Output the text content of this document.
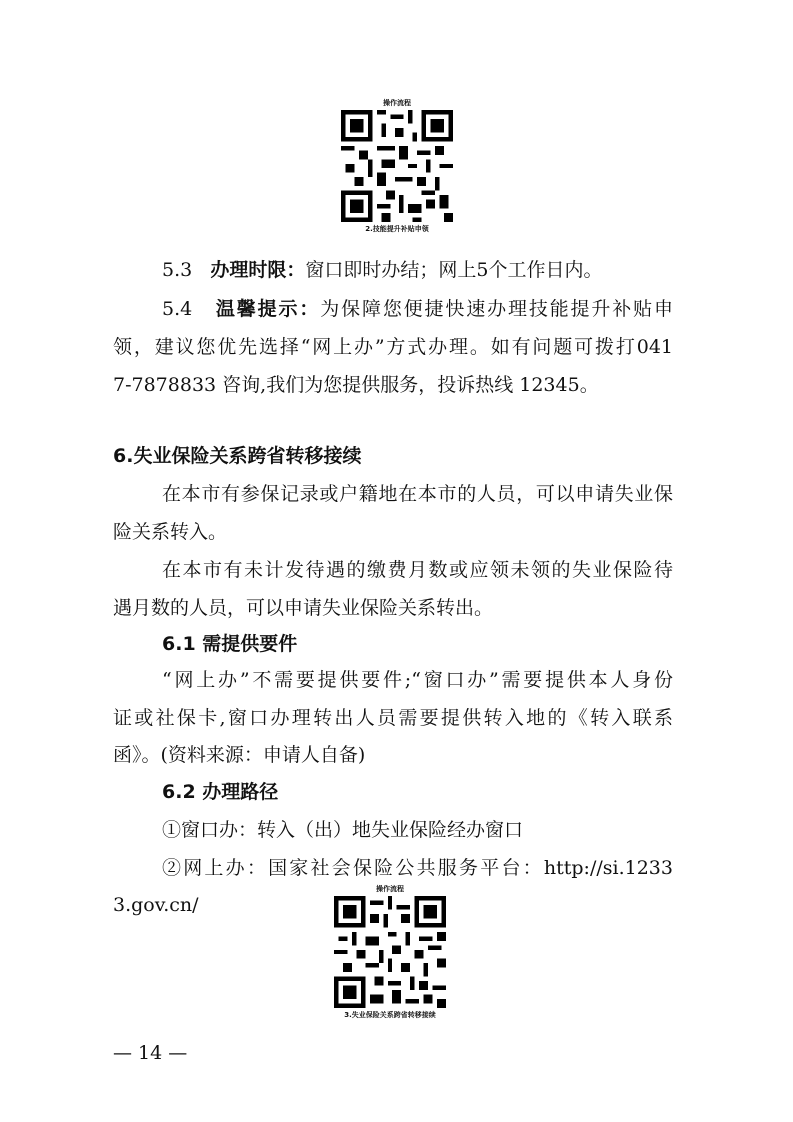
操作流程
2.技能提升补贴申领
5.3 办理时限：窗口即时办结；网上5个工作日内。
5.4 温馨提示：为保障您便捷快速办理技能提升补贴申
领，建议您优先选择“网上办”方式办理。如有问题可拨打041
7-7878833 咨询,我们为您提供服务，投诉热线 12345。
6.失业保险关系跨省转移接续
在本市有参保记录或户籍地在本市的人员，可以申请失业保
险关系转入。
在本市有未计发待遇的缴费月数或应领未领的失业保险待
遇月数的人员，可以申请失业保险关系转出。
6.1 需提供要件
“网上办”不需要提供要件;“窗口办”需要提供本人身份
证或社保卡,窗口办理转出人员需要提供转入地的《转入联系
函》。(资料来源：申请人自备)
6.2 办理路径
①窗口办：转入（出）地失业保险经办窗口
②网上办：国家社会保险公共服务平台：http://si.1233
3.gov.cn/
操作流程
3.失业保险关系跨省转移接续
— 14 —
